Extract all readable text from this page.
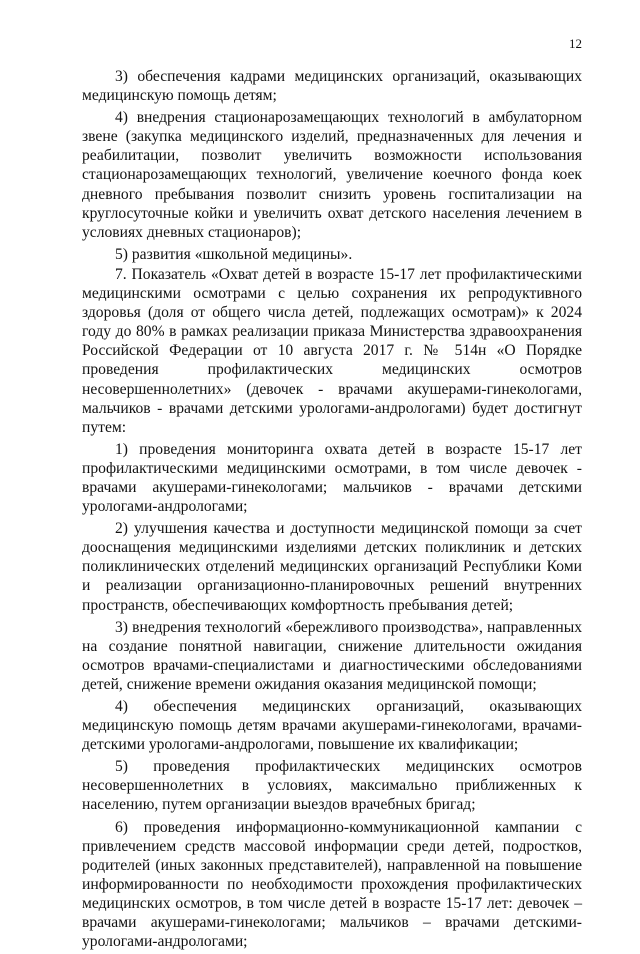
12

3) обеспечения кадрами медицинских организаций, оказывающих медицинскую помощь детям;

4) внедрения стационарозамещающих технологий в амбулаторном звене (закупка медицинского изделий, предназначенных для лечения и реабилитации, позволит увеличить возможности использования стационарозамещающих технологий, увеличение коечного фонда коек дневного пребывания позволит снизить уровень госпитализации на круглосуточные койки и увеличить охват детского населения лечением в условиях дневных стационаров);

5) развития «школьной медицины».

7. Показатель «Охват детей в возрасте 15-17 лет профилактическими медицинскими осмотрами с целью сохранения их репродуктивного здоровья (доля от общего числа детей, подлежащих осмотрам)» к 2024 году до 80% в рамках реализации приказа Министерства здравоохранения Российской Федерации от 10 августа 2017 г. № 514н «О Порядке проведения профилактических медицинских осмотров несовершеннолетних» (девочек - врачами акушерами-гинекологами, мальчиков - врачами детскими урологами-андрологами) будет достигнут путем:

1) проведения мониторинга охвата детей в возрасте 15-17 лет профилактическими медицинскими осмотрами, в том числе девочек - врачами акушерами-гинекологами; мальчиков - врачами детскими урологами-андрологами;

2) улучшения качества и доступности медицинской помощи за счет дооснащения медицинскими изделиями детских поликлиник и детских поликлинических отделений медицинских организаций Республики Коми и реализации организационно-планировочных решений внутренних пространств, обеспечивающих комфортность пребывания детей;

3) внедрения технологий «бережливого производства», направленных на создание понятной навигации, снижение длительности ожидания осмотров врачами-специалистами и диагностическими обследованиями детей, снижение времени ожидания оказания медицинской помощи;

4) обеспечения медицинских организаций, оказывающих медицинскую помощь детям врачами акушерами-гинекологами, врачами-детскими урологами-андрологами, повышение их квалификации;

5) проведения профилактических медицинских осмотров несовершеннолетних в условиях, максимально приближенных к населению, путем организации выездов врачебных бригад;

6) проведения информационно-коммуникационной кампании с привлечением средств массовой информации среди детей, подростков, родителей (иных законных представителей), направленной на повышение информированности по необходимости прохождения профилактических медицинских осмотров, в том числе детей в возрасте 15-17 лет: девочек – врачами акушерами-гинекологами; мальчиков – врачами детскими-урологами-андрологами;
